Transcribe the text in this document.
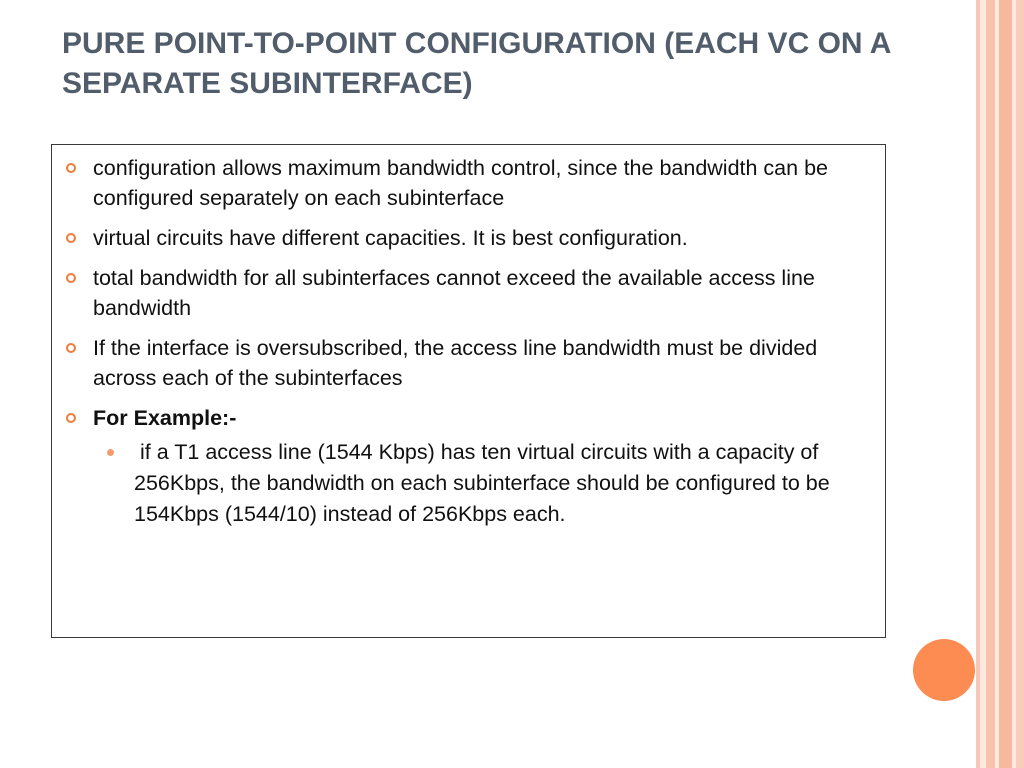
PURE POINT-TO-POINT CONFIGURATION (EACH VC ON A SEPARATE SUBINTERFACE)
configuration allows maximum bandwidth control, since the bandwidth can be configured separately on each subinterface
virtual circuits have different capacities. It is best configuration.
total bandwidth for all subinterfaces cannot exceed the available access line bandwidth
If the interface is oversubscribed, the access line bandwidth must be divided across each of the subinterfaces
For Example:-
if a T1 access line (1544 Kbps) has ten virtual circuits with a capacity of 256Kbps, the bandwidth on each subinterface should be configured to be 154Kbps (1544/10) instead of 256Kbps each.
